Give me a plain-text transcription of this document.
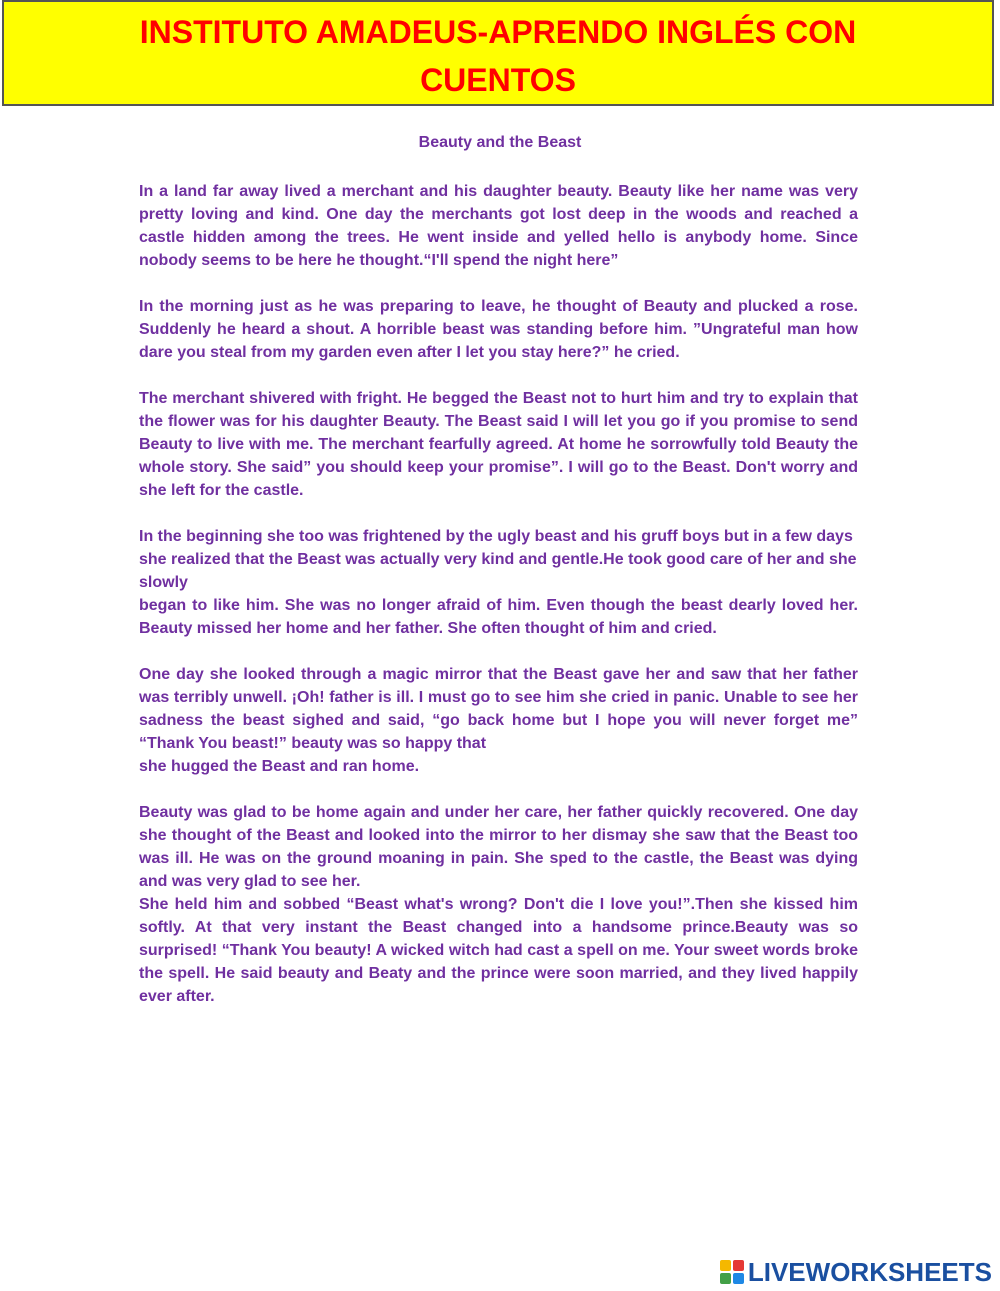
INSTITUTO AMADEUS-APRENDO INGLÉS CON CUENTOS
Beauty and the Beast

In a land far away lived a merchant and his daughter beauty. Beauty like her name was very pretty loving and kind. One day the merchants got lost deep in the woods and reached a castle hidden among the trees. He went inside and yelled hello is anybody home. Since nobody seems to be here he thought.“I'll spend the night here”

In the morning just as he was preparing to leave, he thought of Beauty and plucked a rose. Suddenly he heard a shout. A horrible beast was standing before him. ”Ungrateful man how dare you steal from my garden even after I let you stay here?” he cried.

The merchant shivered with fright. He begged the Beast not to hurt him and try to explain that the flower was for his daughter Beauty. The Beast said I will let you go if you promise to send Beauty to live with me. The merchant fearfully agreed. At home he sorrowfully told Beauty the whole story. She said” you should keep your promise”. I will go to the Beast. Don't worry and she left for the castle.

In the beginning she too was frightened by the ugly beast and his gruff boys but in a few days she realized that the Beast was actually very kind and gentle.He took good care of her and she slowly
began to like him. She was no longer afraid of him. Even though the beast dearly loved her. Beauty missed her home and her father. She often thought of him and cried.

One day she looked through a magic mirror that the Beast gave her and saw that her father was terribly unwell. ¡Oh! father is ill. I must go to see him she cried in panic. Unable to see her sadness the beast sighed and said, “go back home but I hope you will never forget me” “Thank You beast!” beauty was so happy that
she hugged the Beast and ran home.

Beauty was glad to be home again and under her care, her father quickly recovered. One day she thought of the Beast and looked into the mirror to her dismay she saw that the Beast too was ill. He was on the ground moaning in pain. She sped to the castle, the Beast was dying and was very glad to see her.
She held him and sobbed “Beast what's wrong? Don't die I love you!”.Then she kissed him softly. At that very instant the Beast changed into a handsome prince.Beauty was so surprised! “Thank You beauty! A wicked witch had cast a spell on me. Your sweet words broke the spell. He said beauty and Beaty and the prince were soon married, and they lived happily ever after.

LIVEWORKSHEETS
